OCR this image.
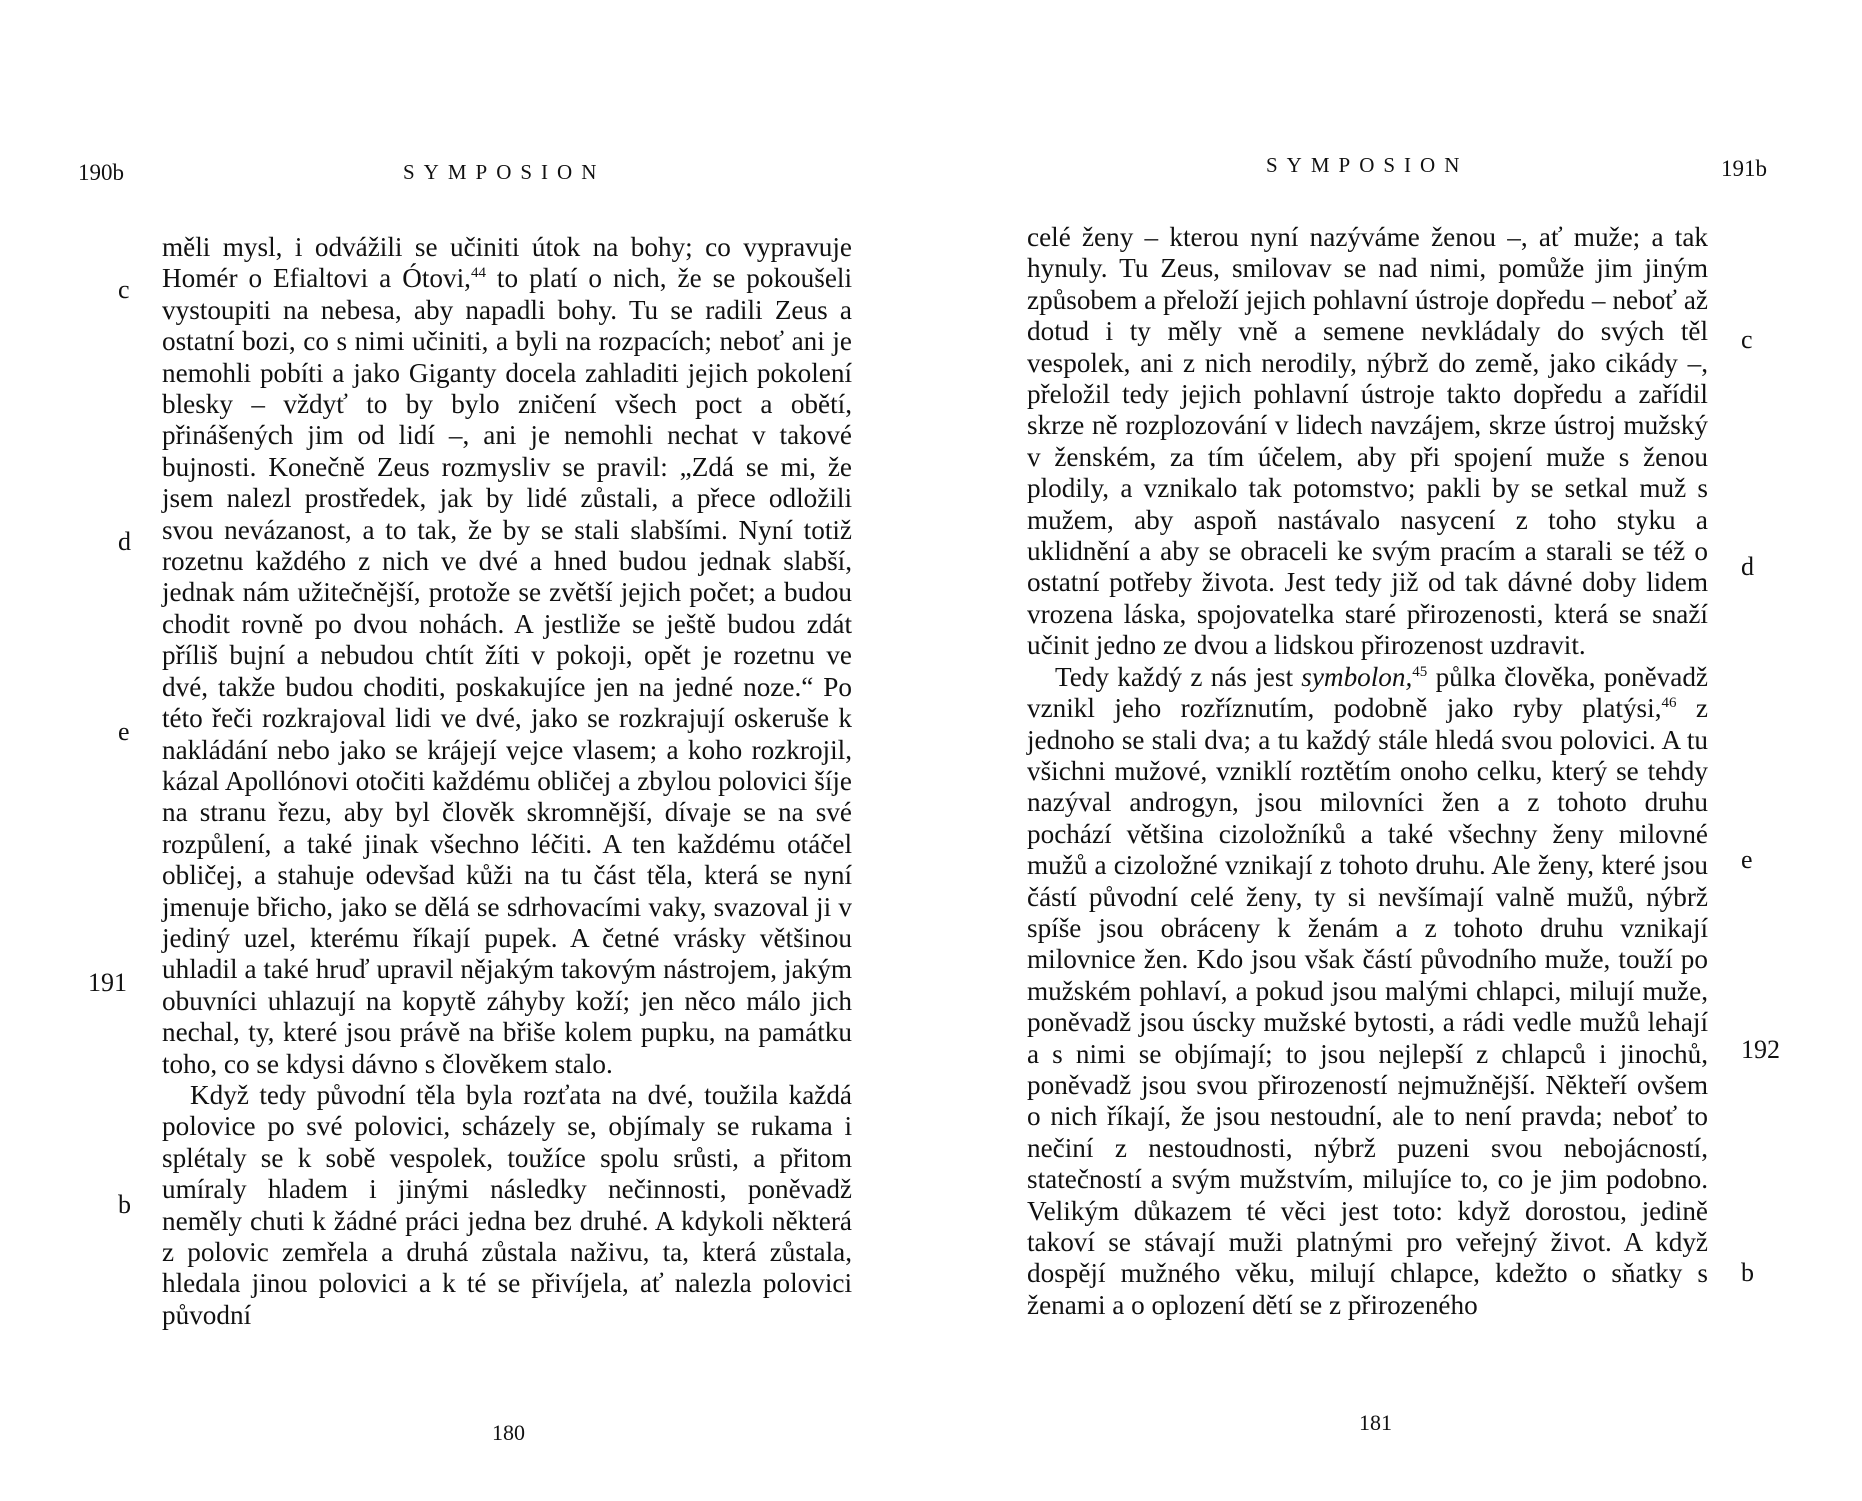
190b	SYMPOSION
c
d
e
191
b

měli mysl, i odvážili se učiniti útok na bohy; co vypravuje Homér o Efialtovi a Ótovi,$^{44}$ to platí o nich, že se pokoušeli vystoupiti na nebesa, aby napadli bohy. Tu se radili Zeus a ostatní bozi, co s nimi učiniti, a byli na rozpacích; neboť ani je nemohli pobíti a jako Giganty docela zahladiti jejich pokolení blesky – vždyť to by bylo zničení všech poct a obětí, přinášených jim od lidí –, ani je nemohli nechat v takové bujnosti. Konečně Zeus rozmysliv se pravil: „Zdá se mi, že jsem nalezl prostředek, jak by lidé zůstali, a přece odložili svou nevázanost, a to tak, že by se stali slabšími. Nyní totiž rozetnu každého z nich ve dvé a hned budou jednak slabší, jednak nám užitečnější, protože se zvětší jejich počet; a budou chodit rovně po dvou nohách. A jestliže se ještě budou zdát příliš bujní a nebudou chtít žíti v pokoji, opět je rozetnu ve dvé, takže budou choditi, poskakujíce jen na jedné noze.“ Po této řeči rozkrajoval lidi ve dvé, jako se rozkrajují oskeruše k nakládání nebo jako se krájejí vejce vlasem; a koho rozkrojil, kázal Apollónovi otočiti každému obličej a zbylou polovici šíje na stranu řezu, aby byl člověk skromnější, dívaje se na své rozpůlení, a také jinak všechno léčiti. A ten každému otáčel obličej, a stahuje odevšad kůži na tu část těla, která se nyní jmenuje břicho, jako se dělá se sdrhovacími vaky, svazoval ji v jediný uzel, kterému říkají pupek. A četné vrásky většinou uhladil a také hruď upravil nějakým takovým nástrojem, jakým obuvníci uhlazují na kopytě záhyby koží; jen něco málo jich nechal, ty, které jsou právě na břiše kolem pupku, na památku toho, co se kdysi dávno s člověkem stalo.

Když tedy původní těla byla rozťata na dvé, toužila každá polovice po své polovici, scházely se, objímaly se rukama i splétaly se k sobě vespolek, toužíce spolu srůsti, a přitom umíraly hladem i jinými následky nečinnosti, poněvadž neměly chuti k žádné práci jedna bez druhé. A kdykoli některá z polovic zemřela a druhá zůstala naživu, ta, která zůstala, hledala jinou polovici a k té se přivíjela, ať nalezla polovici původní

180
SYMPOSION	191b
c
d
e
192
b

celé ženy – kterou nyní nazýváme ženou –, ať muže; a tak hynuly. Tu Zeus, smilovav se nad nimi, pomůže jim jiným způsobem a přeloží jejich pohlavní ústroje dopředu – neboť až dotud i ty měly vně a semene nevkládaly do svých těl vespolek, ani z nich nerodily, nýbrž do země, jako cikády –, přeložil tedy jejich pohlavní ústroje takto dopředu a zařídil skrze ně rozplozování v lidech navzájem, skrze ústroj mužský v ženském, za tím účelem, aby při spojení muže s ženou plodily, a vznikalo tak potomstvo; pakli by se setkal muž s mužem, aby aspoň nastávalo nasycení z toho styku a uklidnění a aby se obraceli ke svým pracím a starali se též o ostatní potřeby života. Jest tedy již od tak dávné doby lidem vrozena láska, spojovatelka staré přirozenosti, která se snaží učinit jedno ze dvou a lidskou přirozenost uzdravit.

Tedy každý z nás jest symbolon,$^{45}$ půlka člověka, poněvadž vznikl jeho rozříznutím, podobně jako ryby platýsi,$^{46}$ z jednoho se stali dva; a tu každý stále hledá svou polovici. A tu všichni mužové, vzniklí roztětím onoho celku, který se tehdy nazýval androgyn, jsou milovníci žen a z tohoto druhu pochází většina cizoložníků a také všechny ženy milovné mužů a cizoložné vznikají z tohoto druhu. Ale ženy, které jsou částí původní celé ženy, ty si nevšímají valně mužů, nýbrž spíše jsou obráceny k ženám a z tohoto druhu vznikají milovnice žen. Kdo jsou však částí původního muže, touží po mužském pohlaví, a pokud jsou malými chlapci, milují muže, poněvadž jsou úscky mužské bytosti, a rádi vedle mužů lehají a s nimi se objímají; to jsou nejlepší z chlapců i jinochů, poněvadž jsou svou přirozeností nejmužnější. Někteří ovšem o nich říkají, že jsou nestoudní, ale to není pravda; neboť to nečiní z nestoudnosti, nýbrž puzeni svou nebojácností, statečností a svým mužstvím, milujíce to, co je jim podobno. Velikým důkazem té věci jest toto: když dorostou, jedině takoví se stávají muži platnými pro veřejný život. A když dospějí mužného věku, milují chlapce, kdežto o sňatky s ženami a o oplození dětí se z přirozeného

181
